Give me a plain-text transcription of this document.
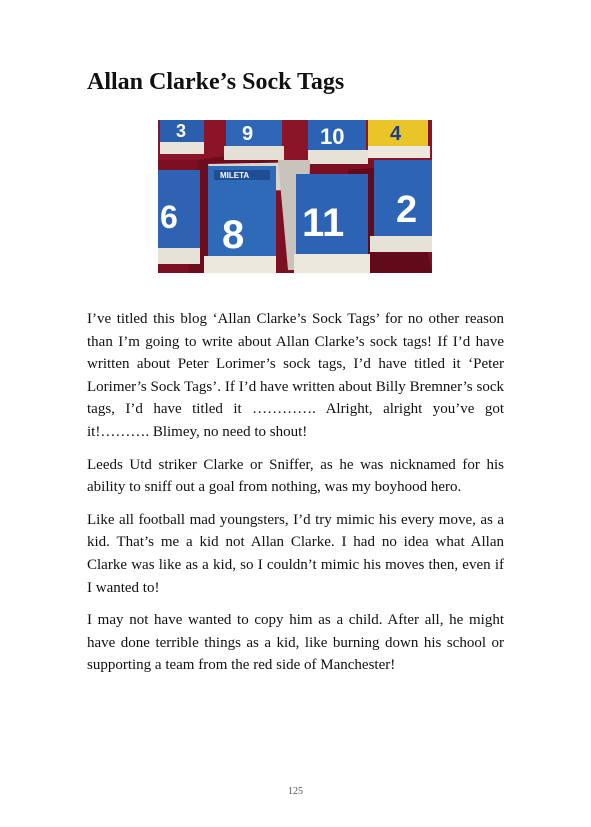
Allan Clarke’s Sock Tags
3	9	10 4
6
MILETA
8 11 2

I’ve titled this blog ‘Allan Clarke’s Sock Tags’ for no other reason than I’m going to write about Allan Clarke’s sock tags! If I’d have written about Peter Lorimer’s sock tags, I’d have titled it ‘Peter Lorimer’s Sock Tags’. If I’d have written about Billy Bremner’s sock tags, I’d have titled it …………. Alright, alright you’ve got it!………. Blimey, no need to shout!

Leeds Utd striker Clarke or Sniffer, as he was nicknamed for his ability to sniff out a goal from nothing, was my boyhood hero.

Like all football mad youngsters, I’d try mimic his every move, as a kid. That’s me a kid not Allan Clarke. I had no idea what Allan Clarke was like as a kid, so I couldn’t mimic his moves then, even if I wanted to!

I may not have wanted to copy him as a child. After all, he might have done terrible things as a kid, like burning down his school or supporting a team from the red side of Manchester!

125
